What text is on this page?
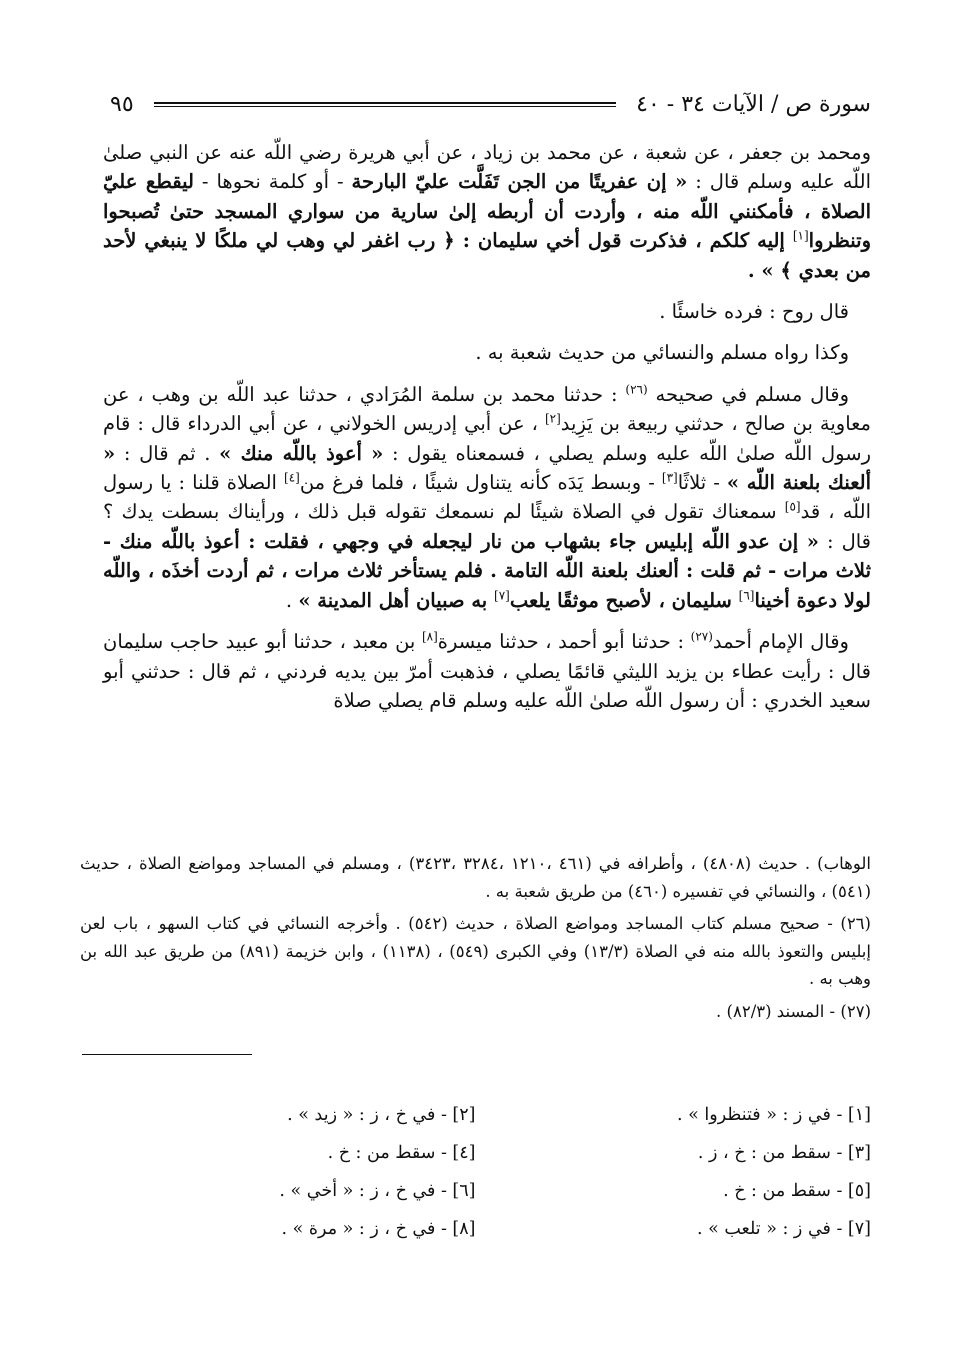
سورة ص / الآيات ٣٤ - ٤٠
٩٥

ومحمد بن جعفر ، عن شعبة ، عن محمد بن زياد ، عن أبي هريرة رضي اللّه عنه عن النبي صلىٰ اللّه عليه وسلم قال : « إن عفريتًا من الجن تَفَلَّت عليّ البارحة - أو كلمة نحوها - ليقطع عليّ الصلاة ، فأمكنني اللّه منه ، وأردت أن أربطه إلىٰ سارية من سواري المسجد حتىٰ تُصبحوا وتنظروا[١] إليه كلكم ، فذكرت قول أخي سليمان : ﴿ رب اغفر لي وهب لي ملكًا لا ينبغي لأحد من بعدي ﴾ » .

قال روح : فرده خاسئًا .

وكذا رواه مسلم والنسائي من حديث شعبة به .

وقال مسلم في صحيحه $^{(٢٦)}$ : حدثنا محمد بن سلمة المُرَادي ، حدثنا عبد اللّه بن وهب ، عن معاوية بن صالح ، حدثني ربيعة بن يَزِيد[٢] ، عن أبي إدريس الخولاني ، عن أبي الدرداء قال : قام رسول اللّه صلىٰ اللّه عليه وسلم يصلي ، فسمعناه يقول : « أعوذ باللّه منك » . ثم قال : « ألعنك بلعنة اللّه » - ثلاثًا[٣] - وبسط يَدَه كأنه يتناول شيئًا ، فلما فرغ من[٤] الصلاة قلنا : يا رسول اللّه ، قد[٥] سمعناك تقول في الصلاة شيئًا لم نسمعك تقوله قبل ذلك ، ورأيناك بسطت يدك ؟ قال : « إن عدو اللّه إبليس جاء بشهاب من نار ليجعله في وجهي ، فقلت : أعوذ باللّه منك - ثلاث مرات - ثم قلت : ألعنك بلعنة اللّه التامة . فلم يستأخر ثلاث مرات ، ثم أردت أخذَه ، واللّه لولا دعوة أخينا[٦] سليمان ، لأصبح موثقًا يلعب[٧] به صبيان أهل المدينة » .

وقال الإمام أحمد$^{(٢٧)}$ : حدثنا أبو أحمد ، حدثنا ميسرة[٨] بن معبد ، حدثنا أبو عبيد حاجب سليمان قال : رأيت عطاء بن يزيد الليثي قائمًا يصلي ، فذهبت أمرّ بين يديه فردني ، ثم قال : حدثني أبو سعيد الخدري : أن رسول اللّه صلىٰ اللّه عليه وسلم قام يصلي صلاة

الوهاب) . حديث (٤٨٠٨) ، وأطرافه في (٤٦١ ،١٢١٠ ،٣٢٨٤ ،٣٤٢٣) ، ومسلم في المساجد ومواضع الصلاة ، حديث (٥٤١) ، والنسائي في تفسيره (٤٦٠) من طريق شعبة به .

(٢٦) - صحيح مسلم كتاب المساجد ومواضع الصلاة ، حديث (٥٤٢) . وأخرجه النسائي في كتاب السهو ، باب لعن إبليس والتعوذ بالله منه في الصلاة (١٣/٣) وفي الكبرى (٥٤٩) ، (١١٣٨) ، وابن خزيمة (٨٩١) من طريق عبد الله بن وهب به .

(٢٧) - المسند (٨٢/٣) .

[١] - في ز : « فتنظروا » .
[٢] - في خ ، ز : « زيد » .
[٣] - سقط من : خ ، ز .
[٤] - سقط من : خ .
[٥] - سقط من : خ .
[٦] - في خ ، ز : « أخي » .
[٧] - في ز : « تلعب » .
[٨] - في خ ، ز : « مرة » .
